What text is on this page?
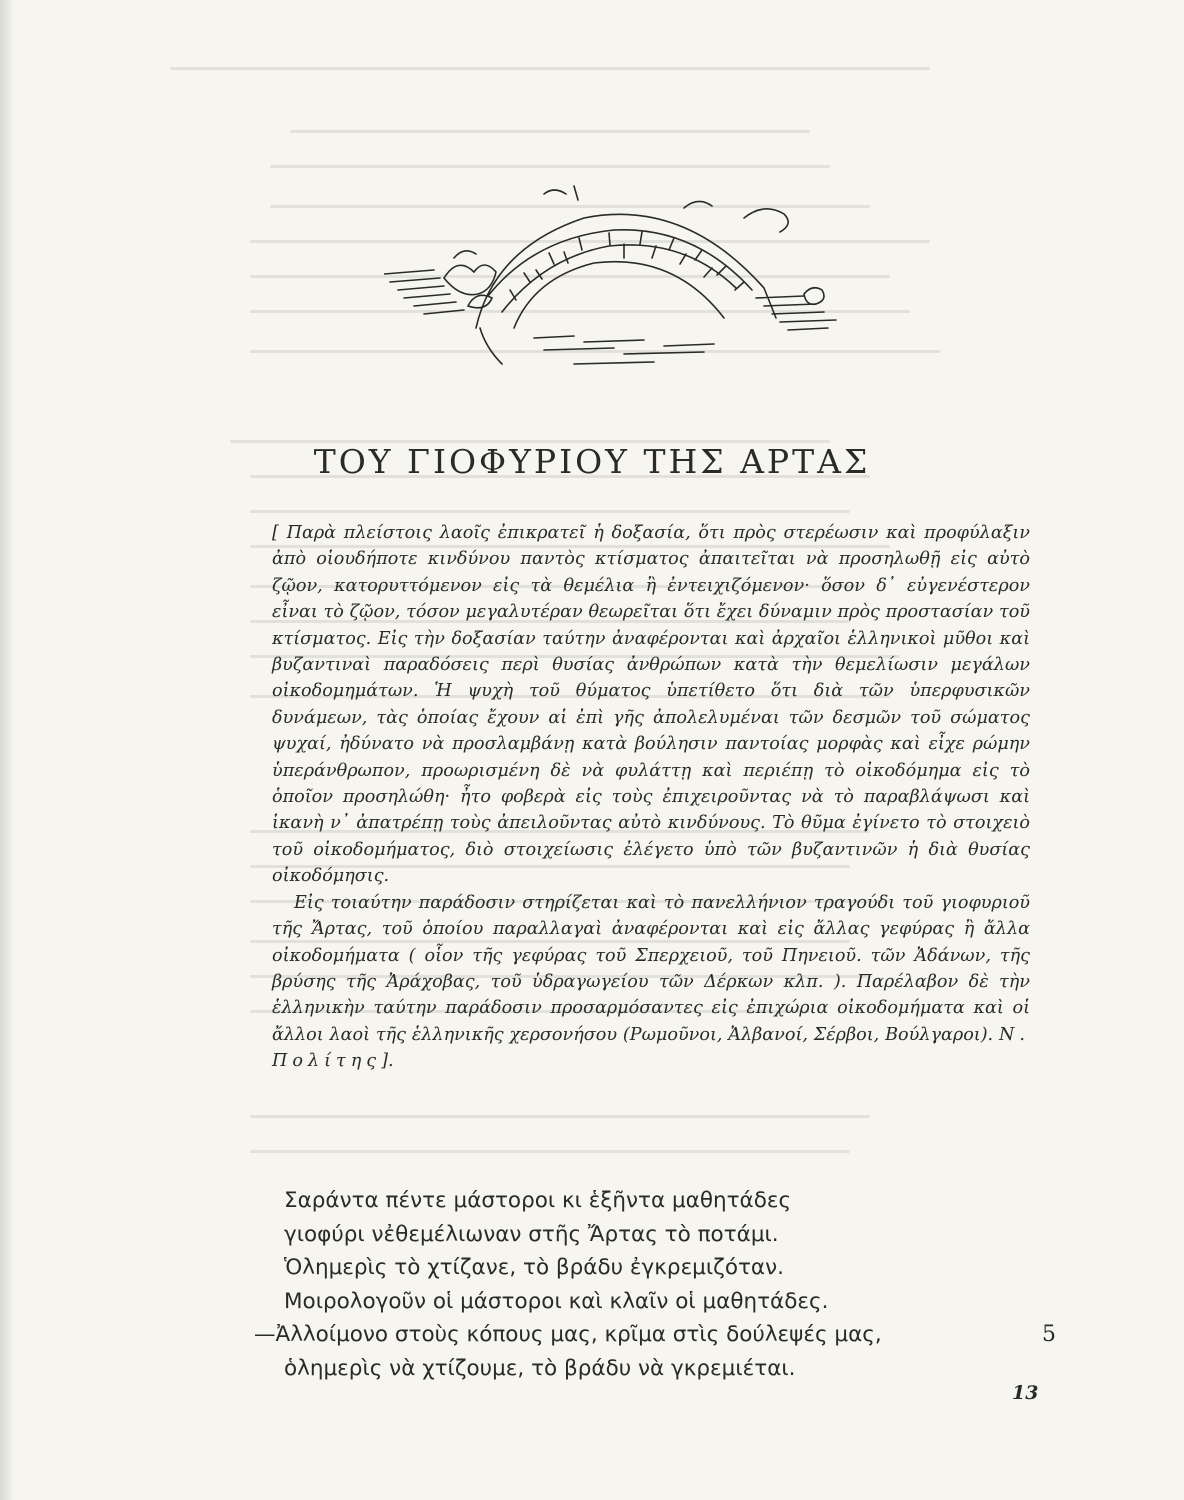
ΤΟΥ ΓΙΟΦΥΡΙΟΥ ΤΗΣ ΑΡΤΑΣ

[ Παρὰ πλείστοις λαοῖς ἐπικρατεῖ ἡ δοξασία, ὅτι πρὸς στερέωσιν καὶ προφύλαξιν ἀπὸ οἱουδήποτε κινδύνου παντὸς κτίσματος ἀπαιτεῖται νὰ προσηλωθῇ εἰς αὐτὸ ζῷον, κατορυττόμενον εἰς τὰ θεμέλια ἢ ἐντειχιζόμενον· ὅσον δ᾽ εὐγενέστερον εἶναι τὸ ζῷον, τόσον μεγαλυτέραν θεωρεῖται ὅτι ἔχει δύναμιν πρὸς προστασίαν τοῦ κτίσματος. Εἰς τὴν δοξασίαν ταύτην ἀναφέρονται καὶ ἀρχαῖοι ἑλληνικοὶ μῦθοι καὶ βυζαντιναὶ παραδόσεις περὶ θυσίας ἀνθρώπων κατὰ τὴν θεμελίωσιν μεγάλων οἰκοδομημάτων. Ἡ ψυχὴ τοῦ θύματος ὑπετίθετο ὅτι διὰ τῶν ὑπερφυσικῶν δυνάμεων, τὰς ὁποίας ἔχουν αἱ ἐπὶ γῆς ἀπολελυμέναι τῶν δεσμῶν τοῦ σώματος ψυχαί, ἠδύνατο νὰ προσλαμβάνῃ κατὰ βούλησιν παντοίας μορφὰς καὶ εἶχε ρώμην ὑπεράνθρωπον, προωρισμένη δὲ νὰ φυλάττῃ καὶ περιέπῃ τὸ οἰκοδόμημα εἰς τὸ ὁποῖον προσηλώθη· ἦτο φοβερὰ εἰς τοὺς ἐπιχειροῦντας νὰ τὸ παραβλάψωσι καὶ ἱκανὴ ν᾽ ἀπατρέπῃ τοὺς ἀπειλοῦντας αὐτὸ κινδύνους. Τὸ θῦμα ἐγίνετο τὸ στοιχειὸ τοῦ οἰκοδομήματος, διὸ στοιχείωσις ἐλέγετο ὑπὸ τῶν βυζαντινῶν ἡ διὰ θυσίας οἰκοδόμησις.

Εἰς τοιαύτην παράδοσιν στηρίζεται καὶ τὸ πανελλήνιον τραγούδι τοῦ γιοφυριοῦ τῆς Ἄρτας, τοῦ ὁποίου παραλλαγαὶ ἀναφέρονται καὶ εἰς ἄλλας γεφύρας ἢ ἄλλα οἰκοδομήματα ( οἷον τῆς γεφύρας τοῦ Σπερχειοῦ, τοῦ Πηνειοῦ. τῶν Ἀδάνων, τῆς βρύσης τῆς Ἀράχοβας, τοῦ ὑδραγωγείου τῶν Δέρκων κλπ. ). Παρέλαβον δὲ τὴν ἑλληνικὴν ταύτην παράδοσιν προσαρμόσαντες εἰς ἐπιχώρια οἰκοδομήματα καὶ οἱ ἄλλοι λαοὶ τῆς ἑλληνικῆς χερσονήσου (Ρωμοῦνοι, Ἀλβανοί, Σέρβοι, Βούλγαροι). Ν. Πολίτης].

Σαράντα πέντε μάστοροι κι ἑξῆντα μαθητάδες
γιοφύρι νἐθεμέλιωναν στῆς Ἄρτας τὸ ποτάμι.
Ὁλημερὶς τὸ χτίζανε, τὸ βράδυ ἐγκρεμιζόταν.
Μοιρολογοῦν οἱ μάστοροι καὶ κλαῖν οἱ μαθητάδες.
—Ἀλλοίμονο στοὺς κόπους μας, κρῖμα στὶς δούλεψές μας,	5
ὁλημερὶς νὰ χτίζουμε, τὸ βράδυ νὰ γκρεμιέται.
13
